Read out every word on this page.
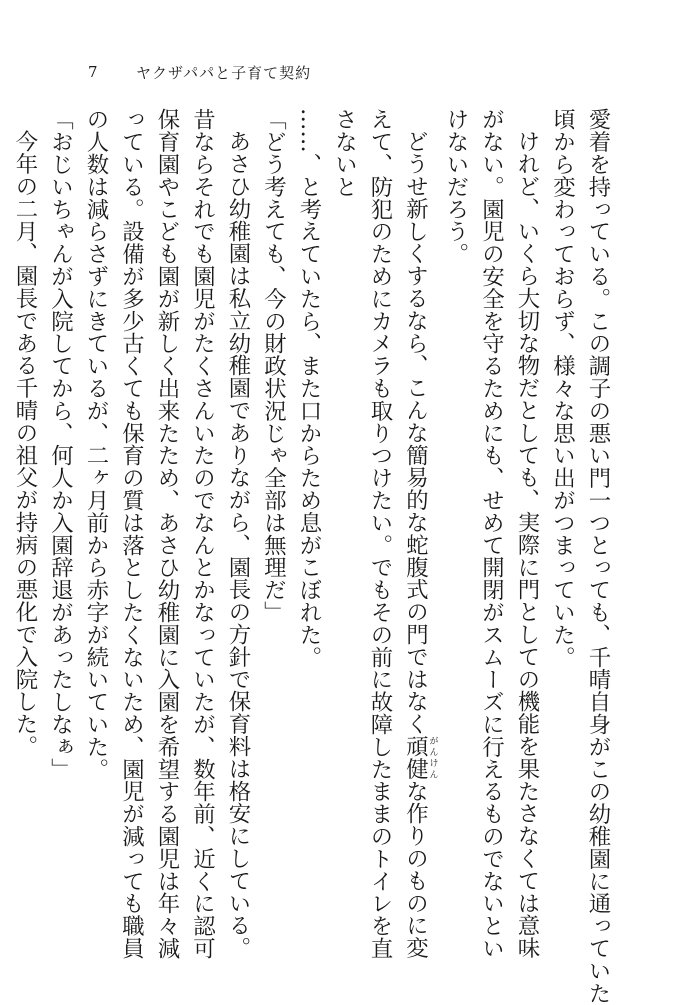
7	ヤクザパパと子育て契約

愛着を持っている。この調子の悪い門一つとっても、千晴自身がこの幼稚園に通っていた
頃から変わっておらず、様々な思い出がつまっていた。

けれど、いくら大切な物だとしても、実際に門としての機能を果たさなくては意味がない。園児の安全を守るためにも、せめて開閉がスムーズに行えるものでないといけないだろう。

どうせ新しくするなら、こんな簡易的な蛇腹式の門ではなく頑健 がんけんな作りのものに変えて、防犯のためにカメラも取りつけたい。でもその前に故障したままのトイレを直さないと

……、と考えていたら、また口からため息がこぼれた。

「どう考えても、今の財政状況じゃ全部は無理だ」

あさひ幼稚園は私立幼稚園でありながら、園長の方針で保育料は格安にしている。昔ならそれでも園児がたくさんいたのでなんとかなっていたが、数年前、近くに認可保育園やこども園が新しく出来たため、あさひ幼稚園に入園を希望する園児は年々減っている。設備が多少古くても保育の質は落としたくないため、園児が減っても職員の人数は減らさずにきているが、二ヶ月前から赤字が続いていた。

「おじいちゃんが入院してから、何人か入園辞退があったしなぁ」

今年の二月、園長である千晴の祖父が持病の悪化で入院した。
